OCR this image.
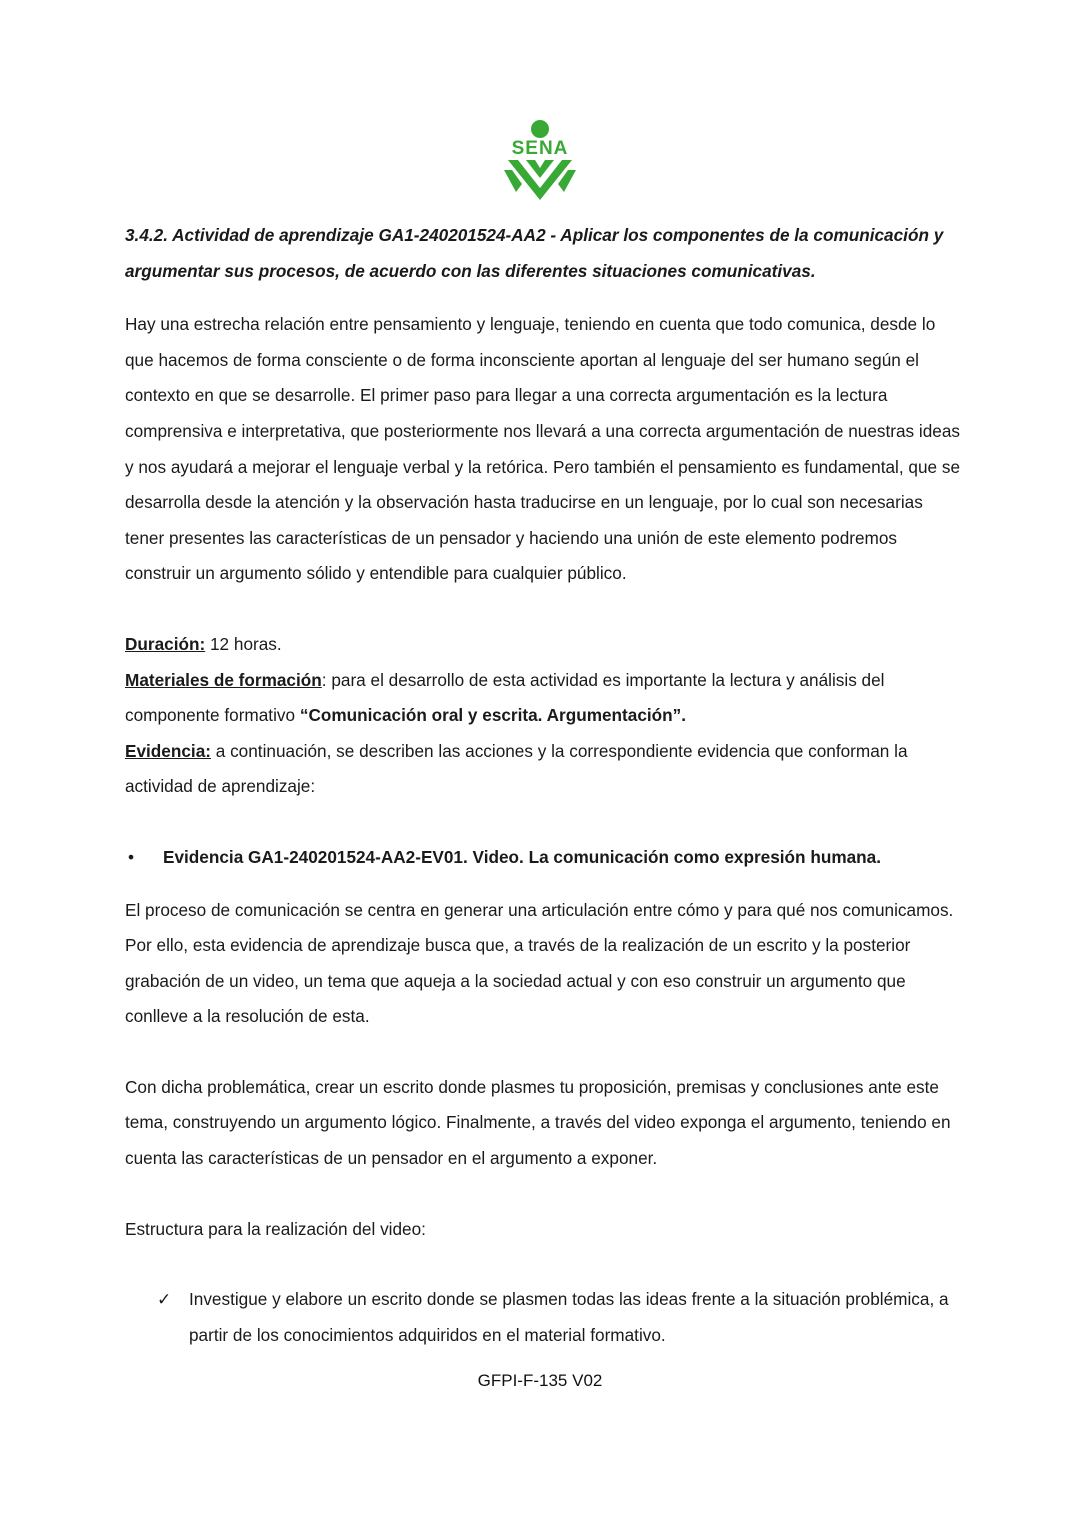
SENA

3.4.2. Actividad de aprendizaje GA1-240201524-AA2 - Aplicar los componentes de la comunicación y argumentar sus procesos, de acuerdo con las diferentes situaciones comunicativas.

Hay una estrecha relación entre pensamiento y lenguaje, teniendo en cuenta que todo comunica, desde lo que hacemos de forma consciente o de forma inconsciente aportan al lenguaje del ser humano según el contexto en que se desarrolle. El primer paso para llegar a una correcta argumentación es la lectura comprensiva e interpretativa, que posteriormente nos llevará a una correcta argumentación de nuestras ideas y nos ayudará a mejorar el lenguaje verbal y la retórica. Pero también el pensamiento es fundamental, que se desarrolla desde la atención y la observación hasta traducirse en un lenguaje, por lo cual son necesarias tener presentes las características de un pensador y haciendo una unión de este elemento podremos construir un argumento sólido y entendible para cualquier público.

Duración: 12 horas.

Materiales de formación: para el desarrollo de esta actividad es importante la lectura y análisis del componente formativo “Comunicación oral y escrita. Argumentación”.

Evidencia: a continuación, se describen las acciones y la correspondiente evidencia que conforman la actividad de aprendizaje:

•	Evidencia GA1-240201524-AA2-EV01. Video. La comunicación como expresión humana.

El proceso de comunicación se centra en generar una articulación entre cómo y para qué nos comunicamos. Por ello, esta evidencia de aprendizaje busca que, a través de la realización de un escrito y la posterior grabación de un video, un tema que aqueja a la sociedad actual y con eso construir un argumento que conlleve a la resolución de esta.

Con dicha problemática, crear un escrito donde plasmes tu proposición, premisas y conclusiones ante este tema, construyendo un argumento lógico. Finalmente, a través del video exponga el argumento, teniendo en cuenta las características de un pensador en el argumento a exponer.

Estructura para la realización del video:

✓	Investigue y elabore un escrito donde se plasmen todas las ideas frente a la situación problémica, a partir de los conocimientos adquiridos en el material formativo.
GFPI-F-135 V02
